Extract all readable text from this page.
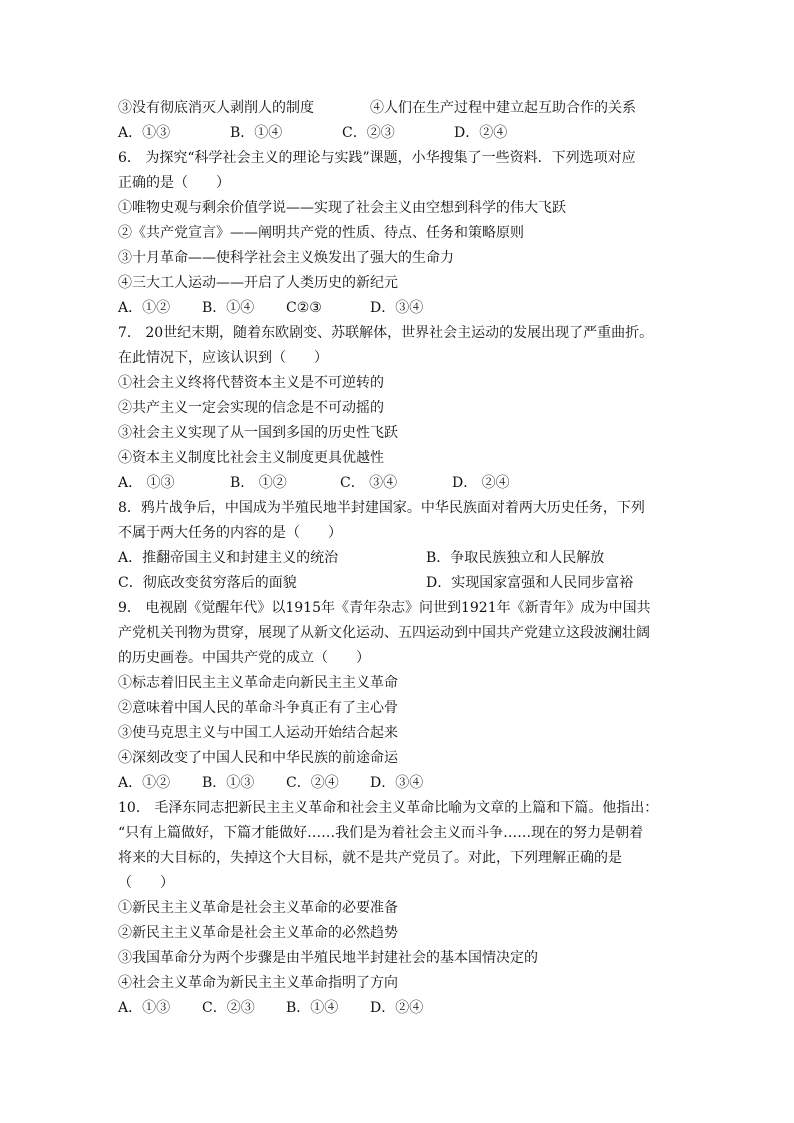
③没有彻底消灭人剥削人的制度	④人们在生产过程中建立起互助合作的关系
A．①③	B．①④	C．②③	D．②④
6． 为探究“科学社会主义的理论与实践”课题，小华搜集了一些资料．下列选项对应
正确的是（　　）
①唯物史观与剩余价值学说——实现了社会主义由空想到科学的伟大飞跃
②《共产党宣言》——阐明共产党的性质、待点、任务和策略原则
③十月革命——使科学社会主义焕发出了强大的生命力
④三大工人运动——开启了人类历史的新纪元
A．①② B．①④ C②③	D．③④
7． 20世纪末期，随着东欧剧变、苏联解体，世界社会主运动的发展出现了严重曲折。
在此情况下，应该认识到（　　）
①社会主义终将代替资本主义是不可逆转的
②共产主义一定会实现的信念是不可动摇的
③社会主义实现了从一国到多国的历史性飞跃
④资本主义制度比社会主义制度更具优越性
A． ①③	B． ①②	C． ③④	D． ②④
8．鸦片战争后，中国成为半殖民地半封建国家。中华民族面对着两大历史任务，下列
不属于两大任务的内容的是（　　）
A．推翻帝国主义和封建主义的统治	B．争取民族独立和人民解放
C．彻底改变贫穷落后的面貌	D．实现国家富强和人民同步富裕
9． 电视剧《觉醒年代》以1915年《青年杂志》问世到1921年《新青年》成为中国共
产党机关刊物为贯穿，展现了从新文化运动、五四运动到中国共产党建立这段波澜壮阔
的历史画卷。中国共产党的成立（　　）
①标志着旧民主主义革命走向新民主主义革命
②意味着中国人民的革命斗争真正有了主心骨
③使马克思主义与中国工人运动开始结合起来
④深刻改变了中国人民和中华民族的前途命运
A．①② B．①③ C．②④ D．③④
10． 毛泽东同志把新民主主义革命和社会主义革命比喻为文章的上篇和下篇。他指出：
“只有上篇做好，下篇才能做好……我们是为着社会主义而斗争……现在的努力是朝着
将来的大目标的，失掉这个大目标，就不是共产党员了。对此，下列理解正确的是
（　　）
①新民主主义革命是社会主义革命的必要准备
②新民主主义革命是社会主义革命的必然趋势
③我国革命分为两个步骤是由半殖民地半封建社会的基本国情决定的
④社会主义革命为新民主主义革命指明了方向
A．①③ C．②③ B．①④ D．②④
